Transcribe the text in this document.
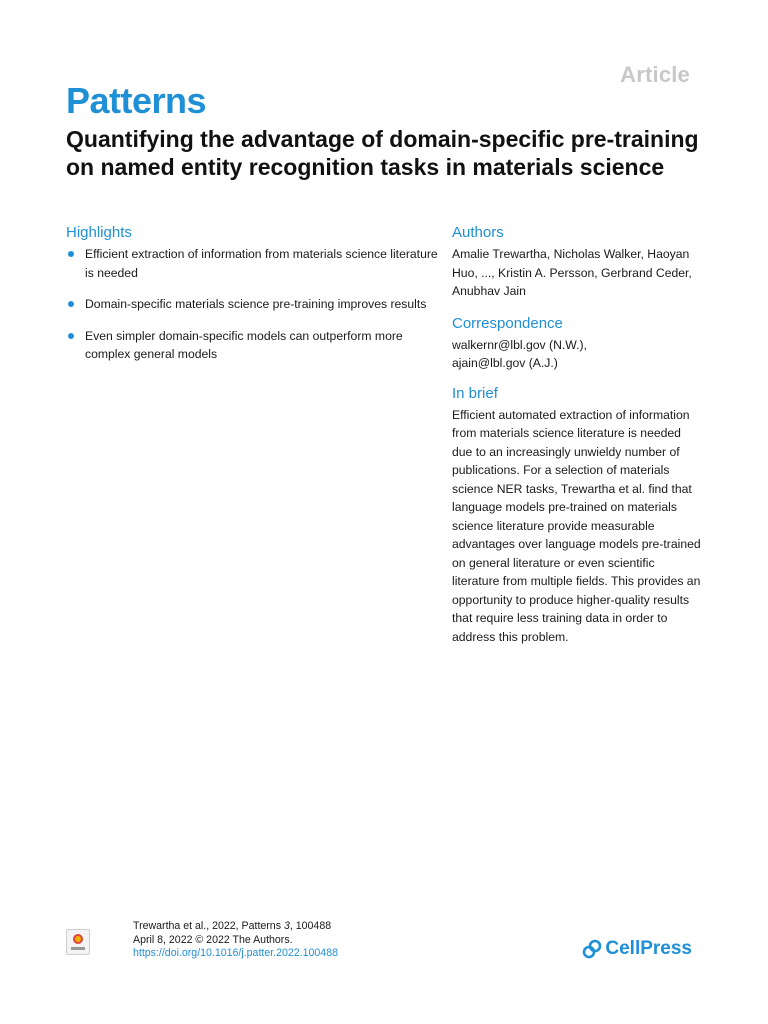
Article
Patterns
Quantifying the advantage of domain-specific pre-training on named entity recognition tasks in materials science
Highlights
Efficient extraction of information from materials science literature is needed
Domain-specific materials science pre-training improves results
Even simpler domain-specific models can outperform more complex general models
Authors

Amalie Trewartha, Nicholas Walker, Haoyan Huo, ..., Kristin A. Persson, Gerbrand Ceder, Anubhav Jain

Correspondence

walkernr@lbl.gov (N.W.),

ajain@lbl.gov (A.J.)

In brief

Efficient automated extraction of information from materials science literature is needed due to an increasingly unwieldy number of publications. For a selection of materials science NER tasks, Trewartha et al. find that language models pre-trained on materials science literature provide measurable advantages over language models pre-trained on general literature or even scientific literature from multiple fields. This provides an opportunity to produce higher-quality results that require less training data in order to address this problem.

Trewartha et al., 2022, Patterns 3, 100488
April 8, 2022 © 2022 The Authors.
https://doi.org/10.1016/j.patter.2022.100488	CellPress
